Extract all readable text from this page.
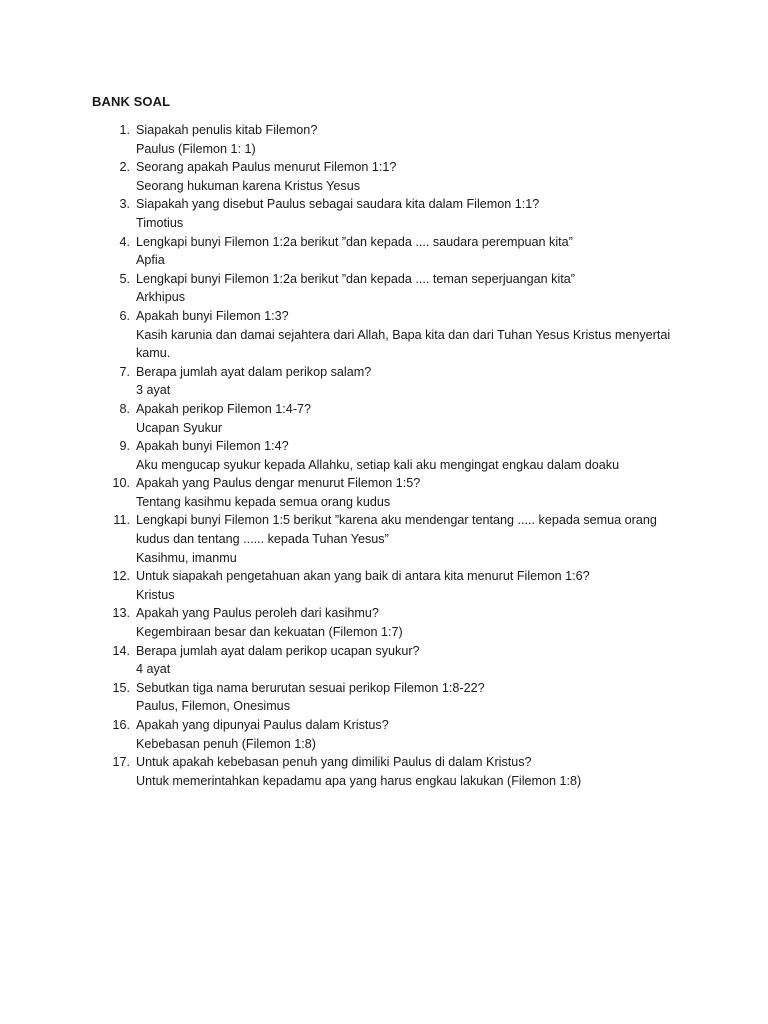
BANK SOAL
1. Siapakah penulis kitab Filemon?
Paulus (Filemon 1: 1)
2. Seorang apakah Paulus menurut Filemon 1:1?
Seorang hukuman karena Kristus Yesus
3. Siapakah yang disebut Paulus sebagai saudara kita dalam Filemon 1:1?
Timotius
4. Lengkapi bunyi Filemon 1:2a berikut ”dan kepada .... saudara perempuan kita”
Apfia
5. Lengkapi bunyi Filemon 1:2a berikut ”dan kepada .... teman seperjuangan kita”
Arkhipus
6. Apakah bunyi Filemon 1:3?
Kasih karunia dan damai sejahtera dari Allah, Bapa kita dan dari Tuhan Yesus Kristus menyertai kamu.
7. Berapa jumlah ayat dalam perikop salam?
3 ayat
8. Apakah perikop Filemon 1:4-7?
Ucapan Syukur
9. Apakah bunyi Filemon 1:4?
Aku mengucap syukur kepada Allahku, setiap kali aku mengingat engkau dalam doaku
10. Apakah yang Paulus dengar menurut Filemon 1:5?
Tentang kasihmu kepada semua orang kudus
11. Lengkapi bunyi Filemon 1:5 berikut ”karena aku mendengar tentang ..... kepada semua orang kudus dan tentang ...... kepada Tuhan Yesus”
Kasihmu, imanmu
12. Untuk siapakah pengetahuan akan yang baik di antara kita menurut Filemon 1:6?
Kristus
13. Apakah yang Paulus peroleh dari kasihmu?
Kegembiraan besar dan kekuatan (Filemon 1:7)
14. Berapa jumlah ayat dalam perikop ucapan syukur?
4 ayat
15. Sebutkan tiga nama berurutan sesuai perikop Filemon 1:8-22?
Paulus, Filemon, Onesimus
16. Apakah yang dipunyai Paulus dalam Kristus?
Kebebasan penuh (Filemon 1:8)
17. Untuk apakah kebebasan penuh yang dimiliki Paulus di dalam Kristus?
Untuk memerintahkan kepadamu apa yang harus engkau lakukan (Filemon 1:8)
